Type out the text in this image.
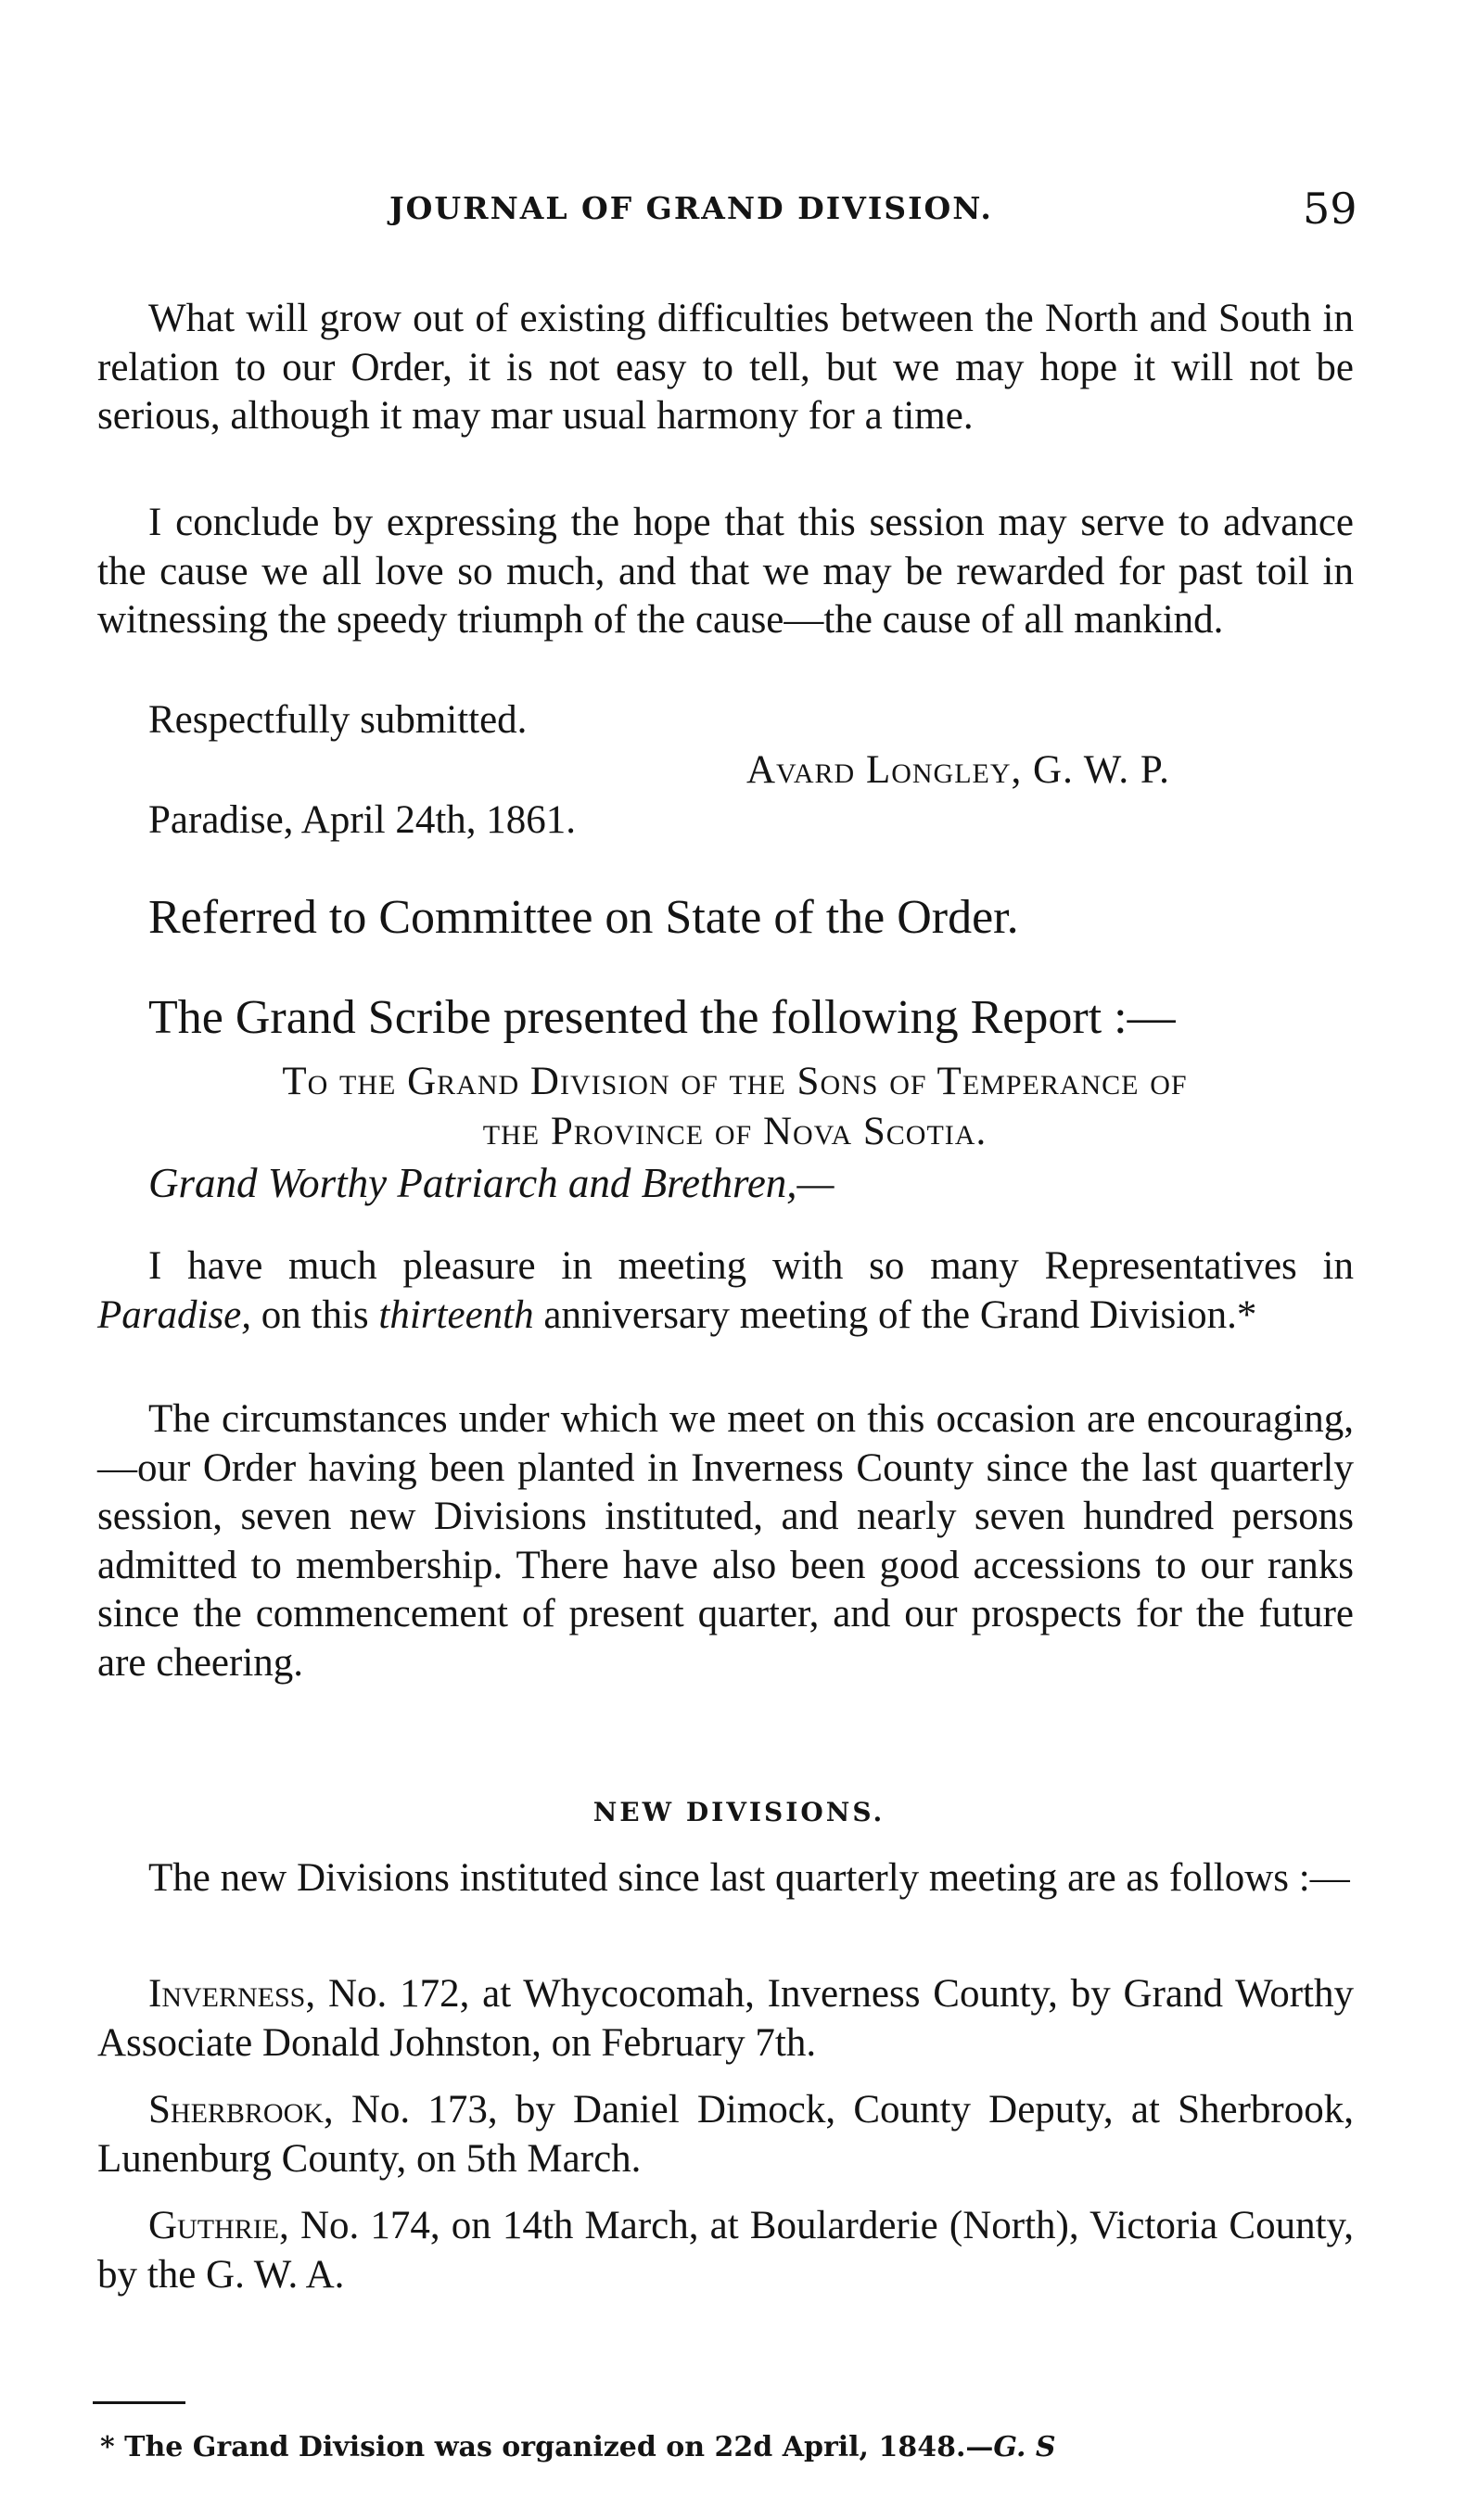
JOURNAL OF GRAND DIVISION.	59

What will grow out of existing difficulties between the North and South in relation to our Order, it is not easy to tell, but we may hope it will not be serious, although it may mar usual harmony for a time.

I conclude by expressing the hope that this session may serve to advance the cause we all love so much, and that we may be rewarded for past toil in witnessing the speedy triumph of the cause—the cause of all mankind.

Respectfully submitted.
Avard Longley, G. W. P.
Paradise, April 24th, 1861.
Referred to Committee on State of the Order.
The Grand Scribe presented the following Report :—
To the Grand Division of the Sons of Temperance of
the Province of Nova Scotia.
Grand Worthy Patriarch and Brethren,—

I have much pleasure in meeting with so many Representatives in Paradise, on this thirteenth anniversary meeting of the Grand Division.*

The circumstances under which we meet on this occasion are encouraging,—our Order having been planted in Inverness County since the last quarterly session, seven new Divisions instituted, and nearly seven hundred persons admitted to membership. There have also been good accessions to our ranks since the commencement of present quarter, and our prospects for the future are cheering.

NEW DIVISIONS.

The new Divisions instituted since last quarterly meeting are as follows :—

Inverness, No. 172, at Whycocomah, Inverness County, by Grand Worthy Associate Donald Johnston, on February 7th.

Sherbrook, No. 173, by Daniel Dimock, County Deputy, at Sherbrook, Lunenburg County, on 5th March.

Guthrie, No. 174, on 14th March, at Boularderie (North), Victoria County, by the G. W. A.

* The Grand Division was organized on 22d April, 1848.—G. S
